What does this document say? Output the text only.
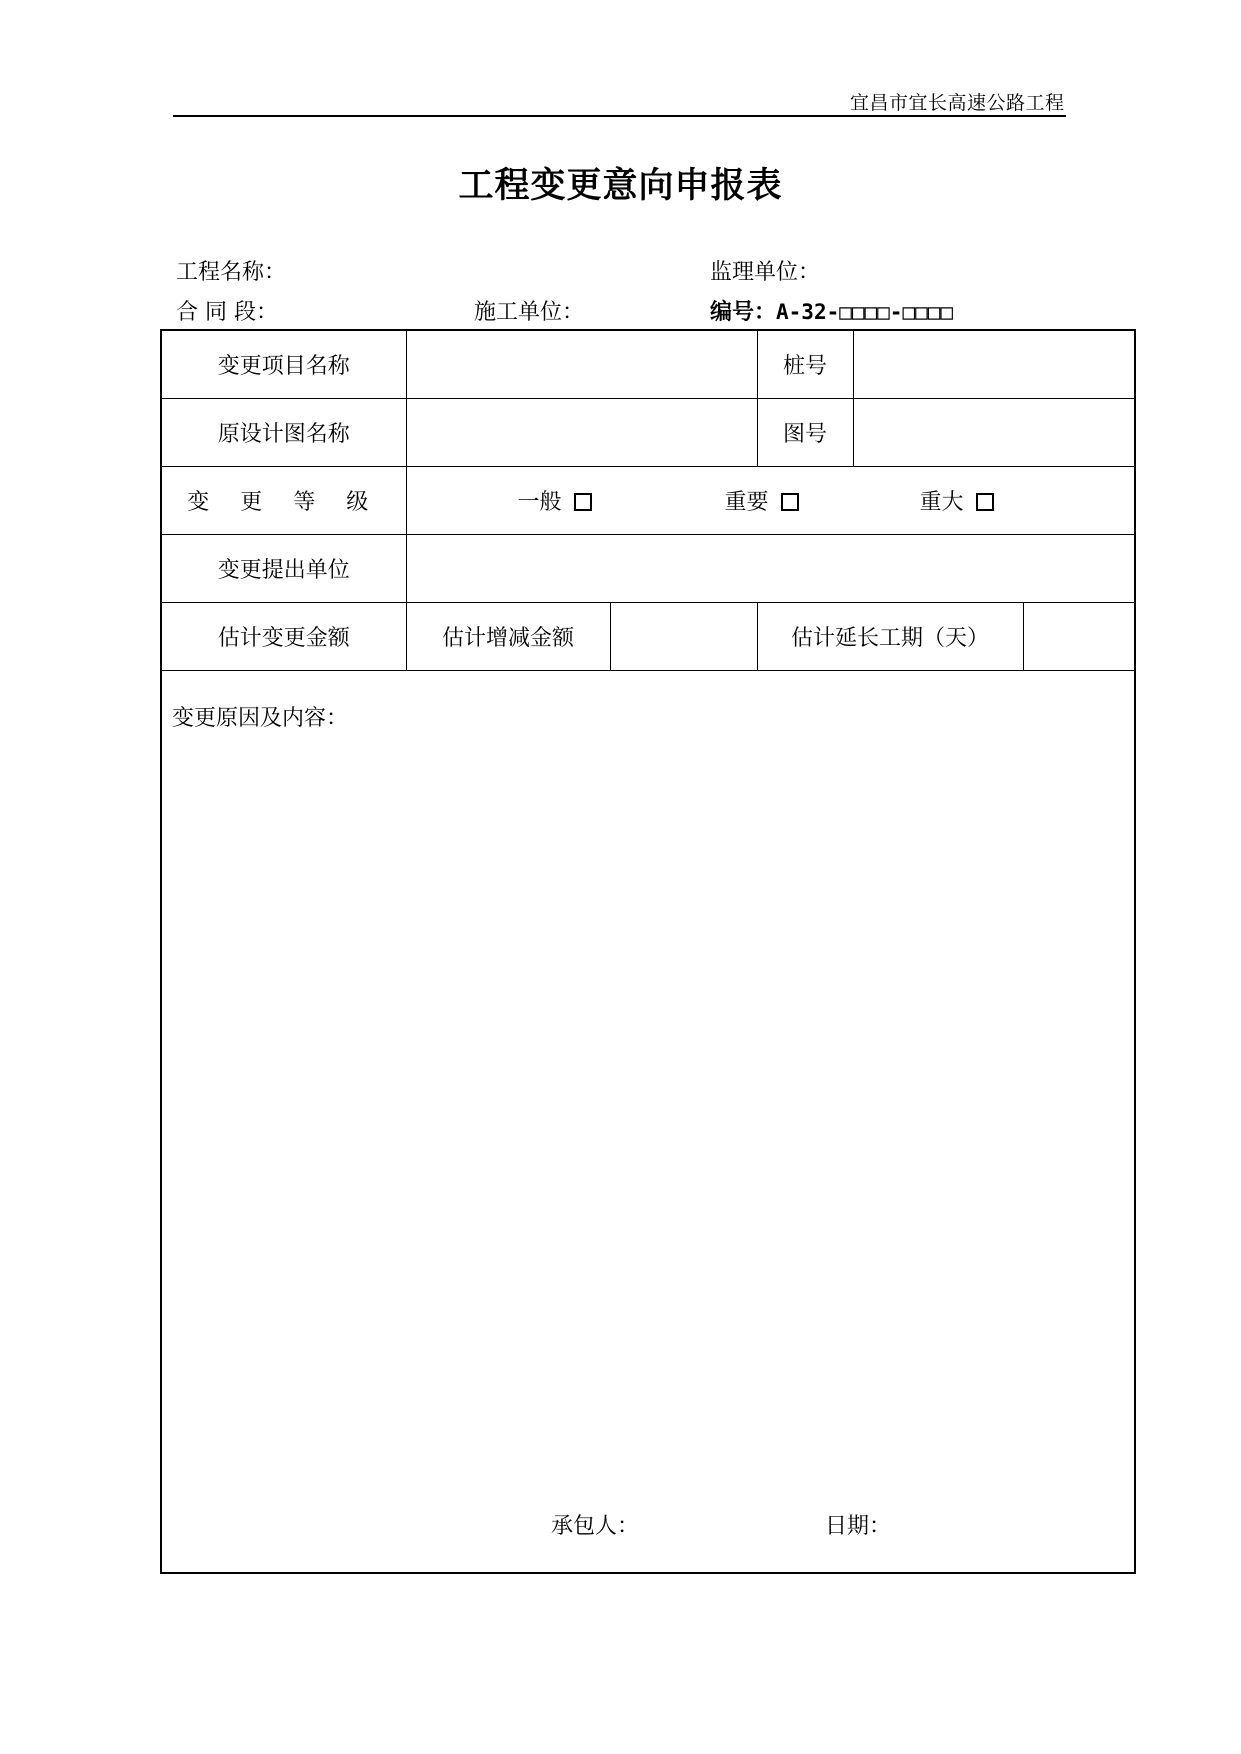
宜昌市宜长高速公路工程
工程变更意向申报表
工程名称：	监理单位：
合 同 段：	施工单位：	编号：A-32-□□□□-□□□□
变更项目名称			桩号		
原设计图名称			图号		
变 更 等 级	一般 重要 重大				
变更提出单位					
估计变更金额	估计增减金额		估计延长工期（天）		

变更原因及内容：
承包人： 日期：					
